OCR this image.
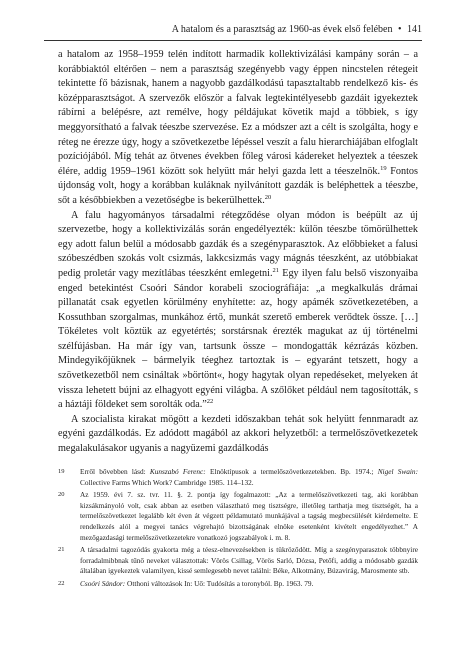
A hatalom és a parasztság az 1960-as évek első felében • 141

a hatalom az 1958–1959 telén indított harmadik kollektivizálási kampány során – a korábbiaktól eltérően – nem a parasztság szegényebb vagy éppen nincstelen rétegeit tekintette fő bázisnak, hanem a nagyobb gazdálkodású tapasztaltabb rendelkező kis- és középparasztságot. A szervezők először a falvak legtekintélyesebb gazdáit igyekeztek rábírni a belépésre, azt remélve, hogy példájukat követik majd a többiek, s így meggyorsítható a falvak téeszbe szervezése. Ez a módszer azt a célt is szolgálta, hogy e réteg ne érezze úgy, hogy a szövetkezetbe lépéssel veszít a falu hierarchiájában elfoglalt pozíciójából. Míg tehát az ötvenes években főleg városi kádereket helyeztek a téeszek élére, addig 1959–1961 között sok helyütt már helyi gazda lett a téeszelnök.$^{19}$ Fontos újdonság volt, hogy a korábban kuláknak nyilvánított gazdák is beléphettek a téeszbe, sőt a későbbiekben a vezetőségbe is bekerülhettek.$^{20}$

A falu hagyományos társadalmi rétegződése olyan módon is beépült az új szervezetbe, hogy a kollektivizálás során engedélyezték: külön téeszbe tömörülhettek egy adott falun belül a módosabb gazdák és a szegényparasztok. Az előbbieket a falusi szóbeszédben szokás volt csizmás, lakkcsizmás vagy mágnás téeszként, az utóbbiakat pedig proletár vagy mezítlábas téeszként emlegetni.$^{21}$ Egy ilyen falu belső viszonyaiba enged betekintést Csoóri Sándor korabeli szociográfiája: „a megkalkulás drámai pillanatát csak egyetlen körülmény enyhítette: az, hogy apámék szövetkezetében, a Kossuthban szorgalmas, munkához értő, munkát szerető emberek verődtek össze. […] Tökéletes volt köztük az egyetértés; sorstársnak érezték magukat az új történelmi szélfújásban. Ha már így van, tartsunk össze – mondogatták kézrázás közben. Mindegyikőjüknek – bármelyik téeghez tartoztak is – egyaránt tetszett, hogy a szövetkezetből nem csináltak »börtönt«, hogy hagytak olyan repedéseket, melyeken át vissza lehetett bújni az elhagyott egyéni világba. A szőlőket például nem tagosították, s a háztáji földeket sem sorolták oda.”$^{22}$

A szocialista kirakat mögött a kezdeti időszakban tehát sok helyütt fennmaradt az egyéni gazdálkodás. Ez adódott magából az akkori helyzetből: a termelőszövetkezetek megalakulásakor ugyanis a nagyüzemi gazdálkodás

19 Erről bővebben lásd: Kunszabó Ferenc: Elnöktípusok a termelőszövetkezetekben. Bp. 1974.; Nigel Swain: Collective Farms Which Work? Cambridge 1985. 114–132.
20 Az 1959. évi 7. sz. tvr. 11. §. 2. pontja így fogalmazott: „Az a termelőszövetkezeti tag, aki korábban kizsákmányoló volt, csak abban az esetben választható meg tisztségre, illetőleg tarthatja meg tisztségét, ha a termelőszövetkezet legalább két éven át végzett példamutató munkájával a tagság megbecsülését kiérdemelte. E rendelkezés alól a megyei tanács végrehajtó bizottságának elnöke esetenként kivételt engedélyezhet.” A mezőgazdasági termelőszövetkezetekre vonatkozó jogszabályok i. m. 8.
21 A társadalmi tagozódás gyakorta még a téesz-elnevezésekben is tükröződött. Míg a szegényparasztok többnyire forradalmibbnak tűnő neveket választottak: Vörös Csillag, Vörös Sarló, Dózsa, Petőfi, addig a módosabb gazdák általában igyekeztek valamilyen, kissé semlegesebb nevet találni: Béke, Alkotmány, Búzavirág, Marosmente stb.
22 Csoóri Sándor: Otthoni változások In: Uő: Tudósítás a toronyból. Bp. 1963. 79.
